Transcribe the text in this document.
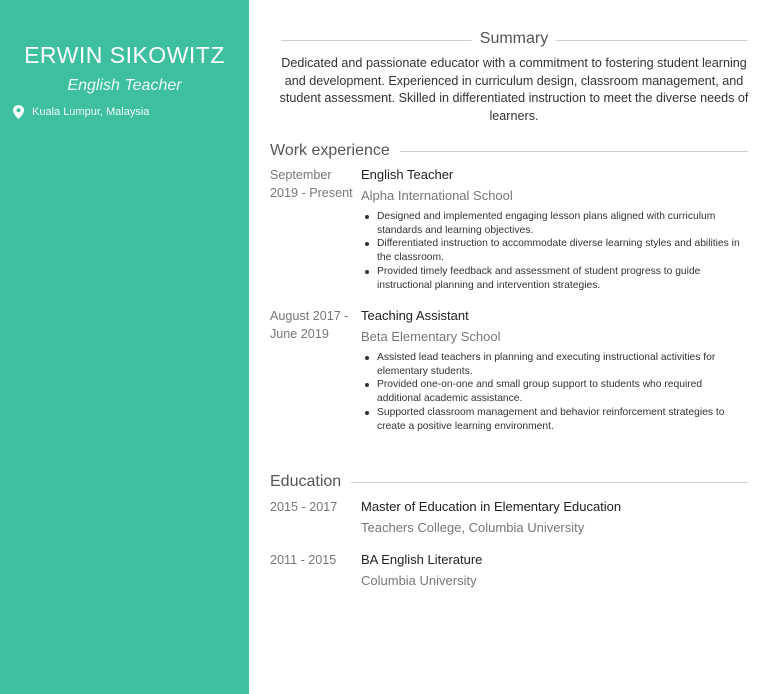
ERWIN SIKOWITZ
English Teacher
Kuala Lumpur, Malaysia
Summary
Dedicated and passionate educator with a commitment to fostering student learning and development. Experienced in curriculum design, classroom management, and student assessment. Skilled in differentiated instruction to meet the diverse needs of learners.
Work experience
September 2019 - Present
English Teacher
Alpha International School
Designed and implemented engaging lesson plans aligned with curriculum standards and learning objectives.
Differentiated instruction to accommodate diverse learning styles and abilities in the classroom.
Provided timely feedback and assessment of student progress to guide instructional planning and intervention strategies.
August 2017 - June 2019
Teaching Assistant
Beta Elementary School
Assisted lead teachers in planning and executing instructional activities for elementary students.
Provided one-on-one and small group support to students who required additional academic assistance.
Supported classroom management and behavior reinforcement strategies to create a positive learning environment.
Education
2015 - 2017	Master of Education in Elementary Education
Teachers College, Columbia University
2011 - 2015	BA English Literature
Columbia University
